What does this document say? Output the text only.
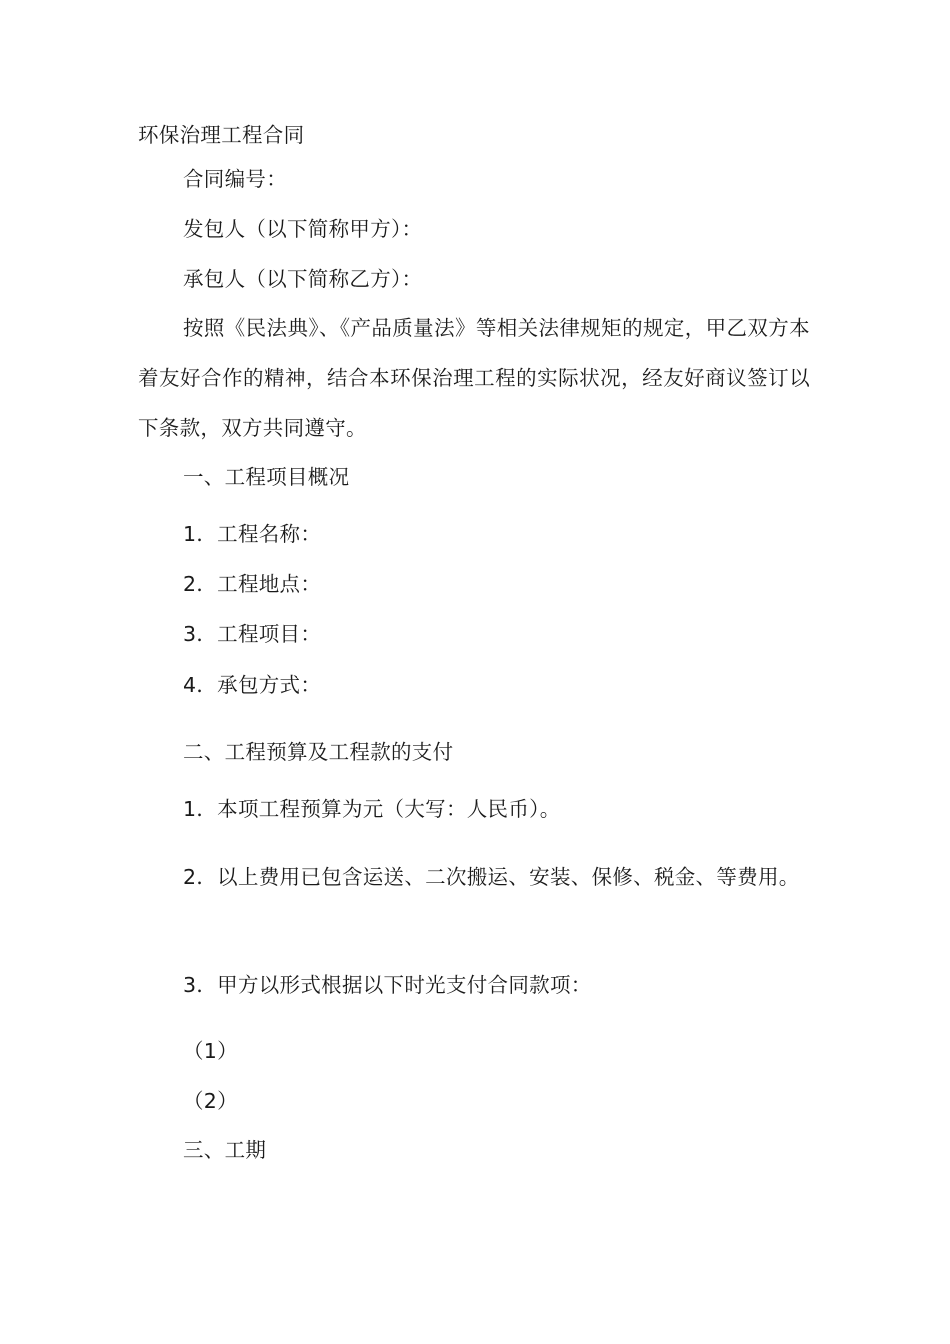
环保治理工程合同
合同编号：
发包人（以下简称甲方）：
承包人（以下简称乙方）：
按照《民法典》、《产品质量法》等相关法律规矩的规定，甲乙双方本着友好合作的精神，结合本环保治理工程的实际状况，经友好商议签订以下条款，双方共同遵守。
一、工程项目概况
1．工程名称：
2．工程地点：
3．工程项目：
4．承包方式：
二、工程预算及工程款的支付
1．本项工程预算为元（大写：人民币）。
2．以上费用已包含运送、二次搬运、安装、保修、税金、等费用。
3．甲方以形式根据以下时光支付合同款项：
（1）
（2）
三、工期
